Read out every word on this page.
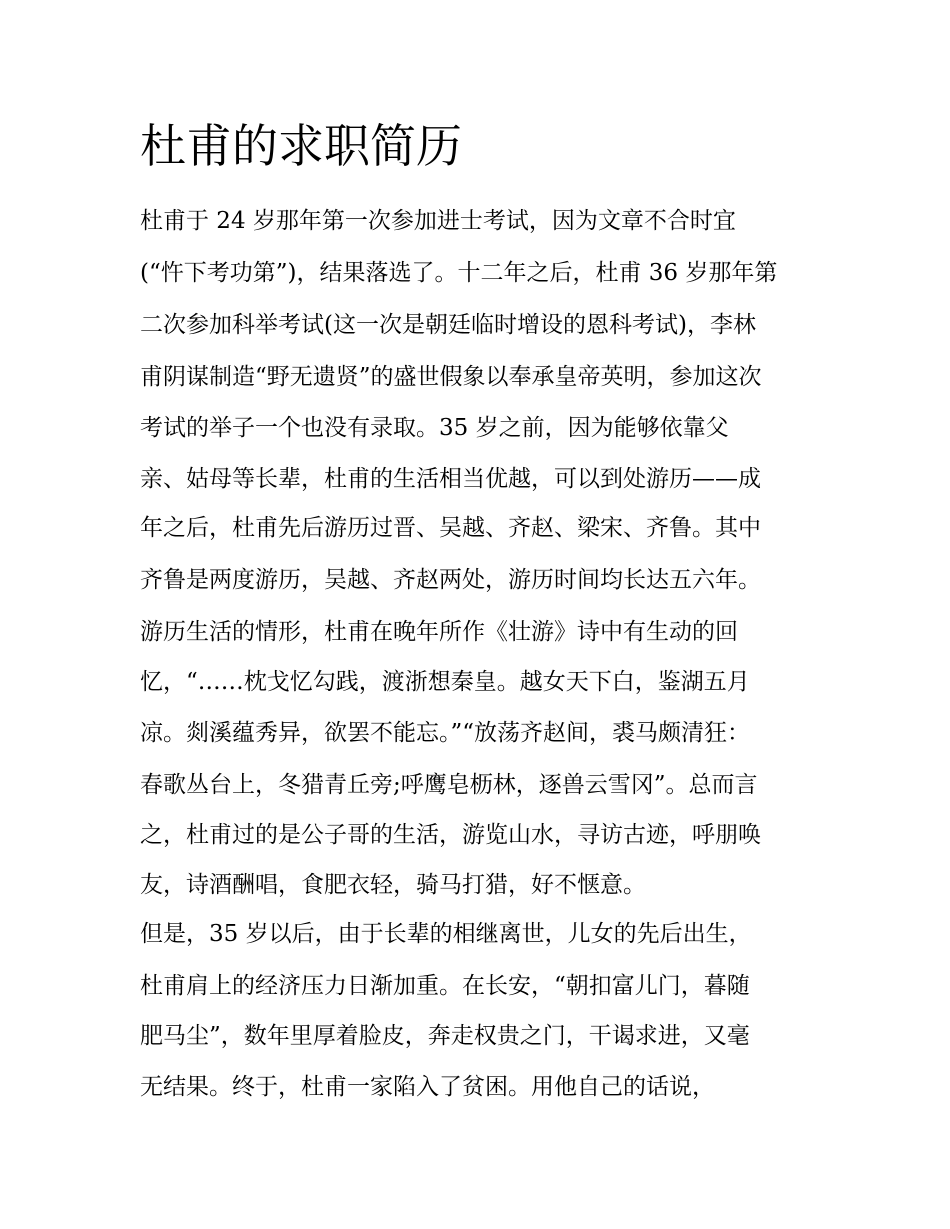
杜甫的求职简历
杜甫于 24 岁那年第一次参加进士考试，因为文章不合时宜
(“忤下考功第”)，结果落选了。十二年之后，杜甫 36 岁那年第
二次参加科举考试(这一次是朝廷临时增设的恩科考试)，李林
甫阴谋制造“野无遗贤”的盛世假象以奉承皇帝英明，参加这次
考试的举子一个也没有录取。35 岁之前，因为能够依靠父
亲、姑母等长辈，杜甫的生活相当优越，可以到处游历——成
年之后，杜甫先后游历过晋、吴越、齐赵、梁宋、齐鲁。其中
齐鲁是两度游历，吴越、齐赵两处，游历时间均长达五六年。
游历生活的情形，杜甫在晚年所作《壮游》诗中有生动的回
忆，“……枕戈忆勾践，渡浙想秦皇。越女天下白，鉴湖五月
凉。剡溪蕴秀异，欲罢不能忘。”“放荡齐赵间，裘马颇清狂：
春歌丛台上，冬猎青丘旁;呼鹰皂枥林，逐兽云雪冈”。总而言
之，杜甫过的是公子哥的生活，游览山水，寻访古迹，呼朋唤
友，诗酒酬唱，食肥衣轻，骑马打猎，好不惬意。
但是，35 岁以后，由于长辈的相继离世，儿女的先后出生，
杜甫肩上的经济压力日渐加重。在长安，“朝扣富儿门，暮随
肥马尘”，数年里厚着脸皮，奔走权贵之门，干谒求进，又毫
无结果。终于，杜甫一家陷入了贫困。用他自己的话说，
